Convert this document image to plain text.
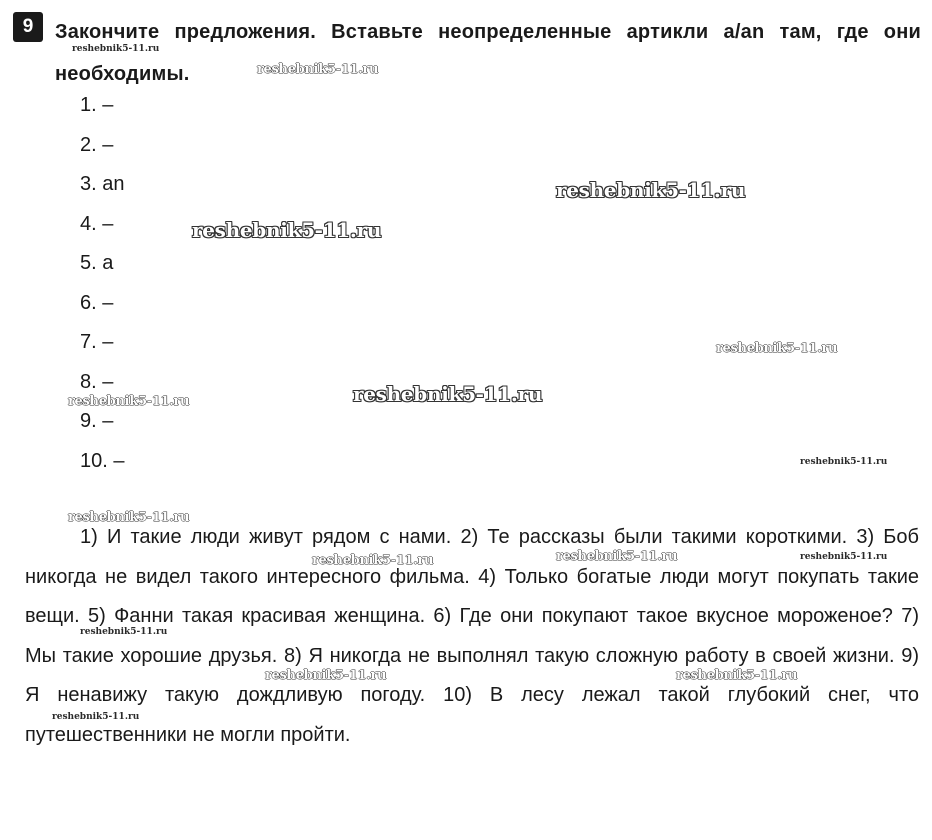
9	Закончите предложения. Вставьте неопределенные артикли a/an там, где они необходимы.
1. –
2. –
3. an
4. –
5. a
6. –
7. –
8. –
9. –
10. –

1) И такие люди живут рядом с нами. 2) Те рассказы были такими короткими. 3) Боб никогда не видел такого интересного фильма. 4) Только богатые люди могут покупать такие вещи. 5) Фанни такая красивая женщина. 6) Где они покупают такое вкусное мороженое? 7) Мы такие хорошие друзья. 8) Я никогда не выполнял такую сложную работу в своей жизни. 9) Я ненавижу такую дождливую погоду. 10) В лесу лежал такой глубокий снег, что путешественники не могли пройти.

reshebnik5-11.ru
reshebnik5-11.ru
reshebnik5-11.ru
reshebnik5-11.ru
reshebnik5-11.ru
reshebnik5-11.ru
reshebnik5-11.ru
reshebnik5-11.ru
reshebnik5-11.ru
reshebnik5-11.ru	reshebnik5-11.ru	reshebnik5-11.ru
reshebnik5-11.ru
reshebnik5-11.ru	reshebnik5-11.ru
reshebnik5-11.ru
